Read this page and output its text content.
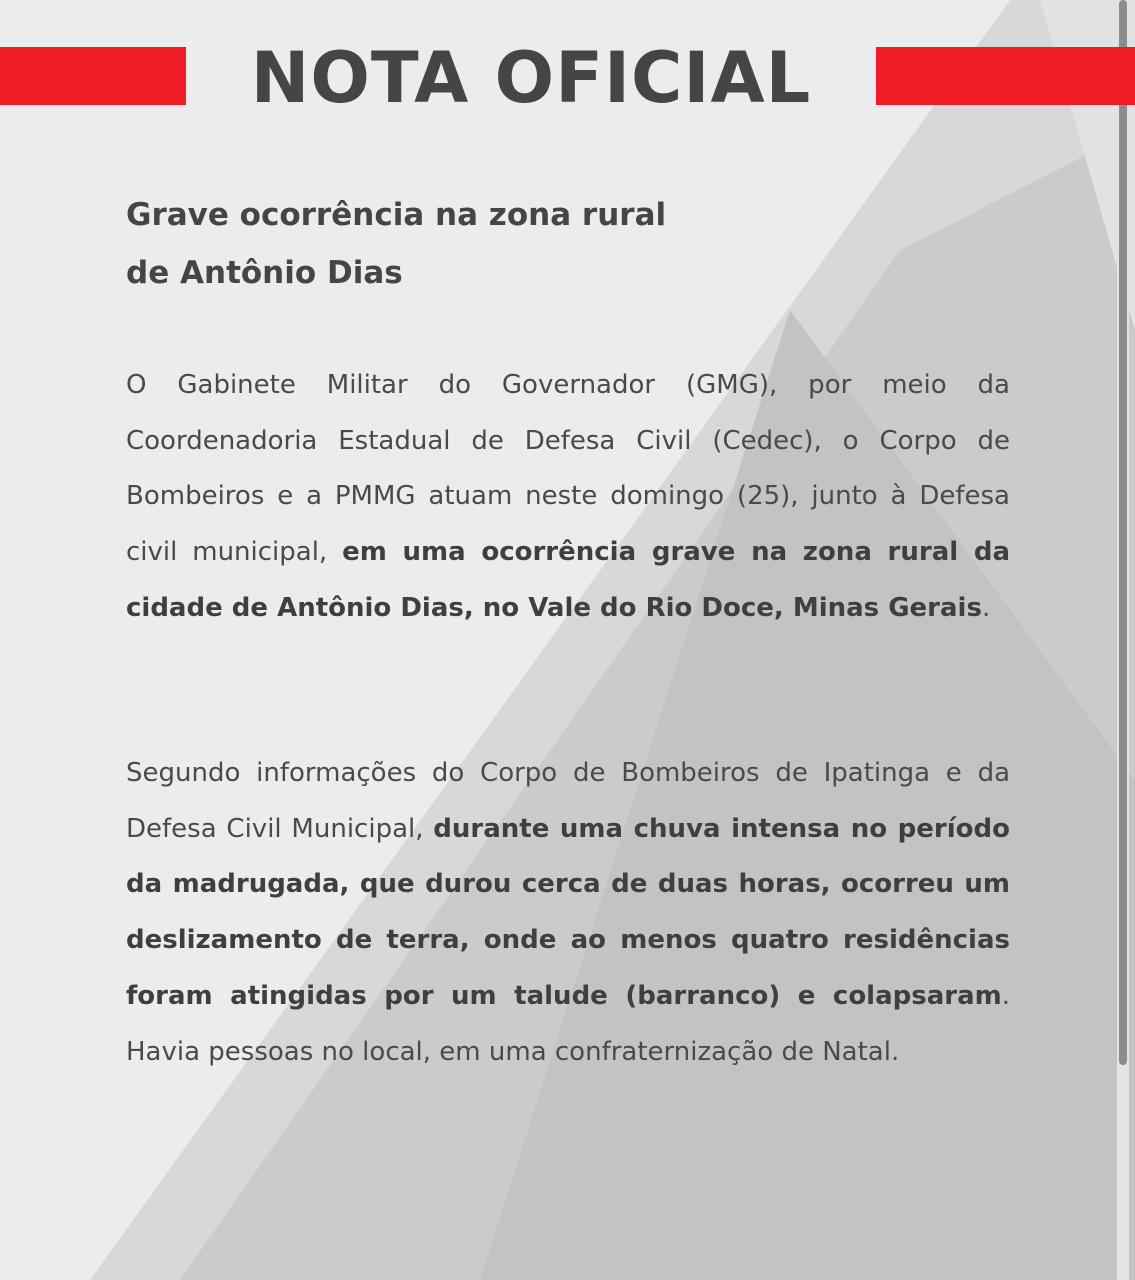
NOTA OFICIAL
Grave ocorrência na zona rural
de Antônio Dias

O Gabinete Militar do Governador (GMG), por meio da Coordenadoria Estadual de Defesa Civil (Cedec), o Corpo de Bombeiros e a PMMG atuam neste domingo (25), junto à Defesa civil municipal, em uma ocorrência grave na zona rural da cidade de Antônio Dias, no Vale do Rio Doce, Minas Gerais.

Segundo informações do Corpo de Bombeiros de Ipatinga e da Defesa Civil Municipal, durante uma chuva intensa no período da madrugada, que durou cerca de duas horas, ocorreu um deslizamento de terra, onde ao menos quatro residências foram atingidas por um talude (barranco) e colapsaram. Havia pessoas no local, em uma confraternização de Natal.
